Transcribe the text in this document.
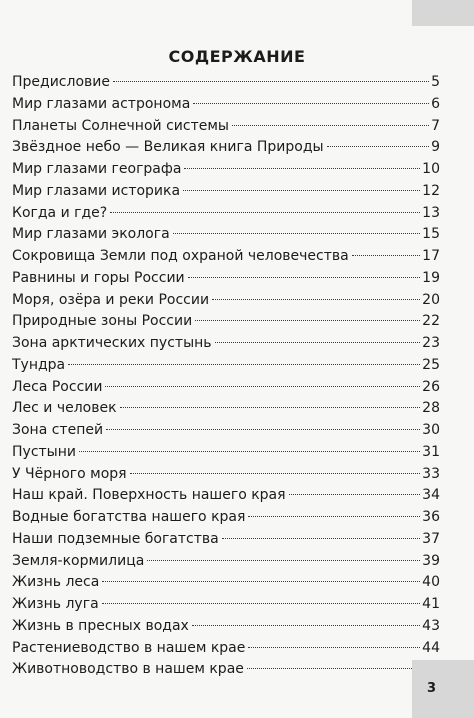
СОДЕРЖАНИЕ
Предисловие	5
Мир глазами астронома	6
Планеты Солнечной системы	7
Звёздное небо — Великая книга Природы	9
Мир глазами географа	10
Мир глазами историка	12
Когда и где?	13
Мир глазами эколога	15
Сокровища Земли под охраной человечества	17
Равнины и горы России	19
Моря, озёра и реки России	20
Природные зоны России	22
Зона арктических пустынь	23
Тундра	25
Леса России	26
Лес и человек	28
Зона степей	30
Пустыни	31
У Чёрного моря	33
Наш край. Поверхность нашего края	34
Водные богатства нашего края	36
Наши подземные богатства	37
Земля-кормилица	39
Жизнь леса	40
Жизнь луга	41
Жизнь в пресных водах	43
Растениеводство в нашем крае	44
Животноводство в нашем крае
3
